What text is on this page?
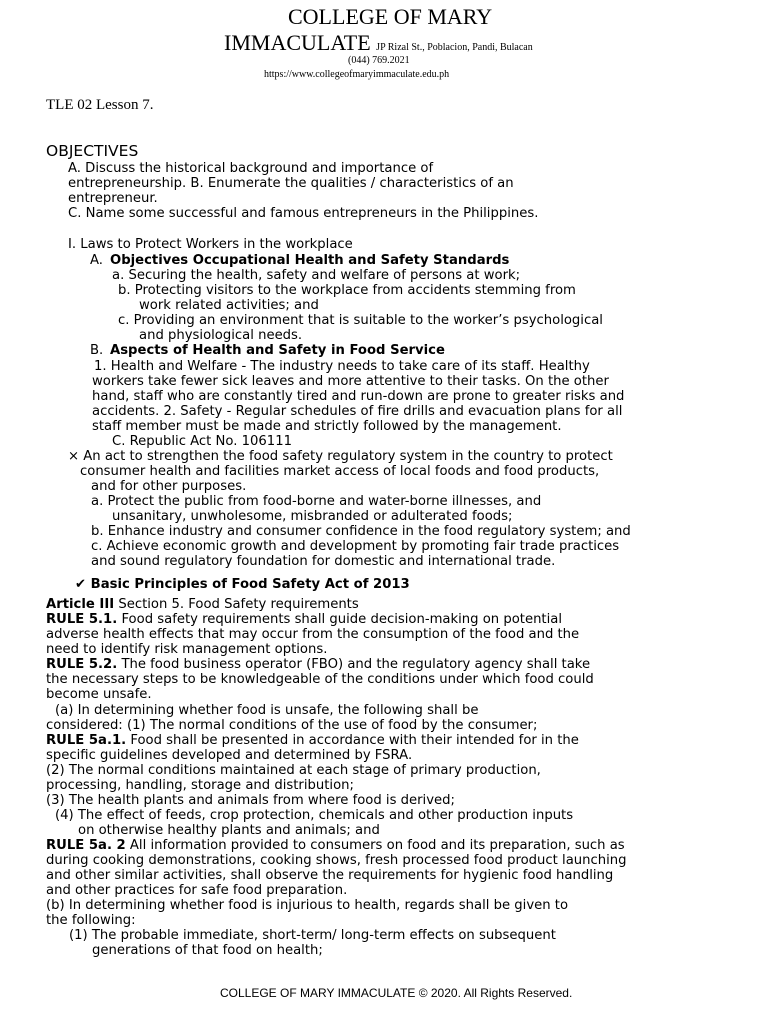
COLLEGE OF MARY
IMMACULATE JP Rizal St., Poblacion, Pandi, Bulacan
(044) 769.2021
https://www.collegeofmaryimmaculate.edu.ph
TLE 02 Lesson 7.
OBJECTIVES
A. Discuss the historical background and importance of
entrepreneurship. B. Enumerate the qualities / characteristics of an
entrepreneur.
C. Name some successful and famous entrepreneurs in the Philippines.
I. Laws to Protect Workers in the workplace
A. Objectives Occupational Health and Safety Standards
a. Securing the health, safety and welfare of persons at work;
b. Protecting visitors to the workplace from accidents stemming from
work related activities; and
c. Providing an environment that is suitable to the worker’s psychological
and physiological needs.
B. Aspects of Health and Safety in Food Service
1. Health and Welfare - The industry needs to take care of its staff. Healthy
workers take fewer sick leaves and more attentive to their tasks. On the other
hand, staff who are constantly tired and run-down are prone to greater risks and
accidents. 2. Safety - Regular schedules of fire drills and evacuation plans for all
staff member must be made and strictly followed by the management.
C. Republic Act No. 106111
× An act to strengthen the food safety regulatory system in the country to protect
consumer health and facilities market access of local foods and food products,
and for other purposes.
a. Protect the public from food-borne and water-borne illnesses, and
unsanitary, unwholesome, misbranded or adulterated foods;
b. Enhance industry and consumer confidence in the food regulatory system; and
c. Achieve economic growth and development by promoting fair trade practices
and sound regulatory foundation for domestic and international trade.
✔ Basic Principles of Food Safety Act of 2013
Article III Section 5. Food Safety requirements
RULE 5.1. Food safety requirements shall guide decision-making on potential
adverse health effects that may occur from the consumption of the food and the
need to identify risk management options.
RULE 5.2. The food business operator (FBO) and the regulatory agency shall take
the necessary steps to be knowledgeable of the conditions under which food could
become unsafe.
(a) In determining whether food is unsafe, the following shall be
considered: (1) The normal conditions of the use of food by the consumer;
RULE 5a.1. Food shall be presented in accordance with their intended for in the
specific guidelines developed and determined by FSRA.
(2) The normal conditions maintained at each stage of primary production,
processing, handling, storage and distribution;
(3) The health plants and animals from where food is derived;
(4) The effect of feeds, crop protection, chemicals and other production inputs
on otherwise healthy plants and animals; and
RULE 5a. 2 All information provided to consumers on food and its preparation, such as
during cooking demonstrations, cooking shows, fresh processed food product launching
and other similar activities, shall observe the requirements for hygienic food handling
and other practices for safe food preparation.
(b) In determining whether food is injurious to health, regards shall be given to
the following:
(1) The probable immediate, short-term/ long-term effects on subsequent
generations of that food on health;
COLLEGE OF MARY IMMACULATE © 2020. All Rights Reserved.
